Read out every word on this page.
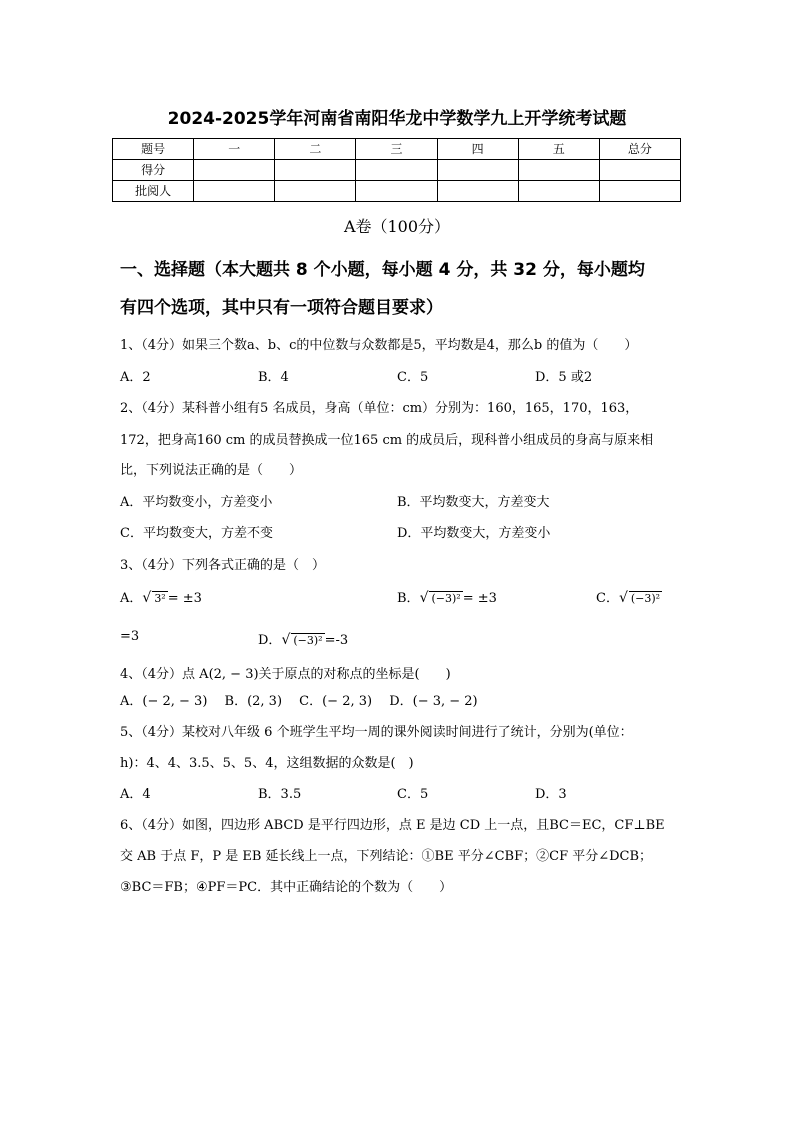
2024-2025学年河南省南阳华龙中学数学九上开学统考试题
题号	一	二	三	四	五	总分
得分						
批阅人						
A卷（100分）
一、选择题（本大题共 8 个小题，每小题 4 分，共 32 分，每小题均
有四个选项，其中只有一项符合题目要求）
1、（4分）如果三个数a、b、c的中位数与众数都是5，平均数是4，那么b 的值为（　　）
A．2	B．4	C．5	D．5 或2
2、（4分）某科普小组有5 名成员，身高（单位：cm）分别为：160，165，170，163，
172，把身高160 cm 的成员替换成一位165 cm 的成员后，现科普小组成员的身高与原来相
比，下列说法正确的是（　　）
A．平均数变小，方差变小	B．平均数变大，方差变大
C．平均数变大，方差不变	D．平均数变大，方差变小
3、（4分）下列各式正确的是（　）
A．√ 3² = ±3	B．√ (−3)² = ±3	C．√ (−3)²
=3	D．√ (−3)² =-3
4、（4分）点 A(2, − 3)关于原点的对称点的坐标是(　　)
A．(− 2, − 3)　 B．(2, 3)　 C．(− 2, 3)　 D．(− 3, − 2)
5、（4分）某校对八年级 6 个班学生平均一周的课外阅读时间进行了统计，分别为(单位：
h)：4、4、3.5、5、5、4，这组数据的众数是(　)
A．4	B．3.5	C．5	D．3
6、（4分）如图，四边形 ABCD 是平行四边形，点 E 是边 CD 上一点，且BC＝EC，CF⊥BE
交 AB 于点 F，P 是 EB 延长线上一点，下列结论：①BE 平分∠CBF；②CF 平分∠DCB；
③BC＝FB；④PF＝PC．其中正确结论的个数为（　　）
